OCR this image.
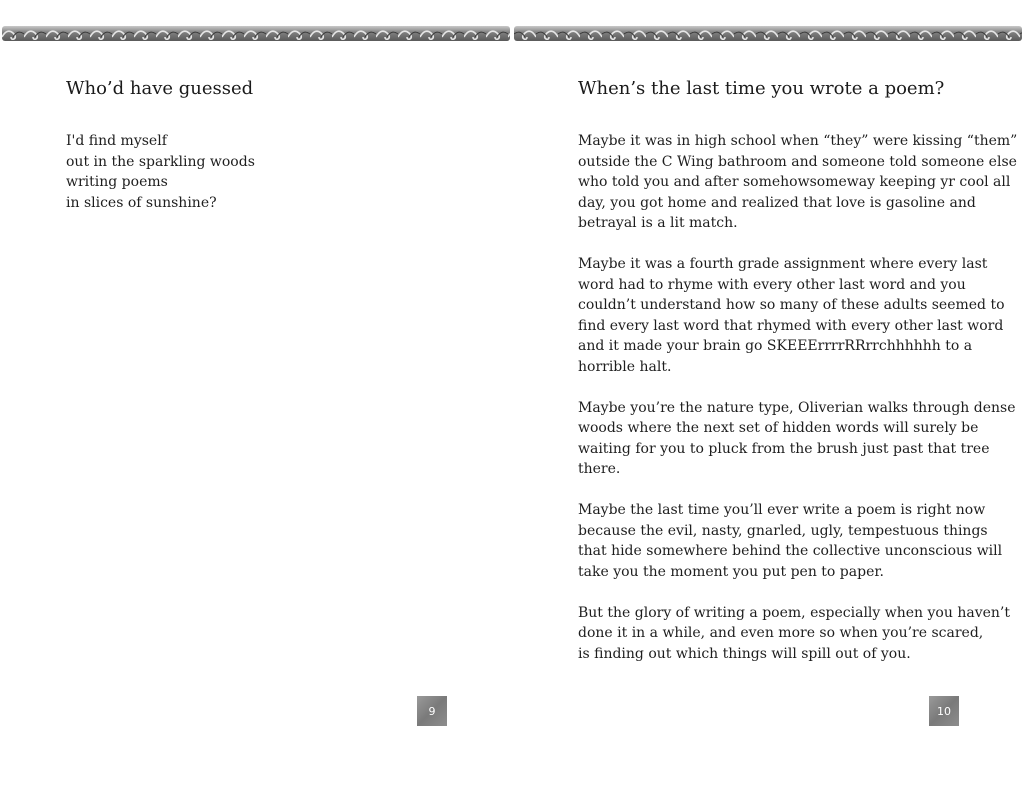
Who’d have guessed
I'd find myself
out in the sparkling woods
writing poems
in slices of sunshine?
9
When’s the last time you wrote a poem?

Maybe it was in high school when “they” were kissing “them”
outside the C Wing bathroom and someone told someone else
who told you and after somehowsomeway keeping yr cool all
day, you got home and realized that love is gasoline and
betrayal is a lit match.

Maybe it was a fourth grade assignment where every last
word had to rhyme with every other last word and you
couldn’t understand how so many of these adults seemed to
find every last word that rhymed with every other last word
and it made your brain go SKEEErrrrRRrrchhhhhh to a
horrible halt.

Maybe you’re the nature type, Oliverian walks through dense
woods where the next set of hidden words will surely be
waiting for you to pluck from the brush just past that tree
there.

Maybe the last time you’ll ever write a poem is right now
because the evil, nasty, gnarled, ugly, tempestuous things
that hide somewhere behind the collective unconscious will
take you the moment you put pen to paper.

But the glory of writing a poem, especially when you haven’t
done it in a while, and even more so when you’re scared,
is finding out which things will spill out of you.

10
